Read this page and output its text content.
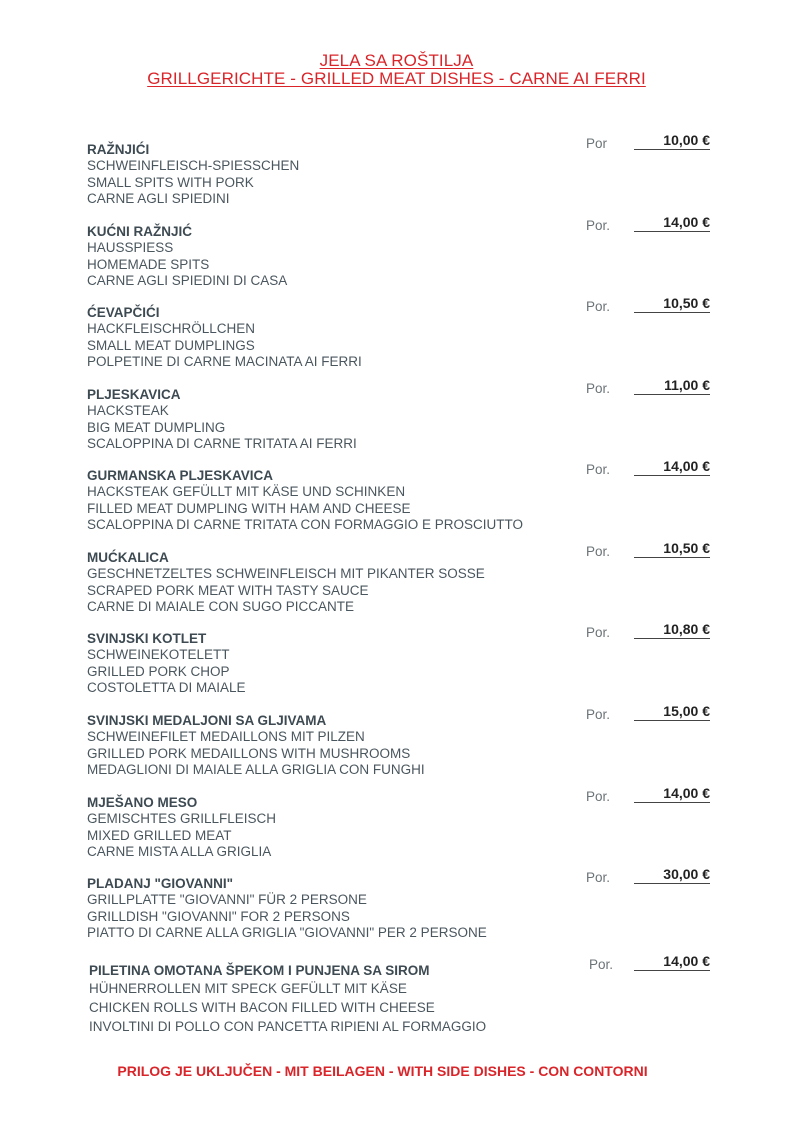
JELA SA ROŠTILJA
GRILLGERICHTE - GRILLED MEAT DISHES - CARNE AI FERRI
RAŽNJIĆI	Por	10,00 €
SCHWEINFLEISCH-SPIESSCHEN
SMALL SPITS WITH PORK
CARNE AGLI SPIEDINI
KUĆNI RAŽNJIĆ	Por.	14,00 €
HAUSSPIESS
HOMEMADE SPITS
CARNE AGLI SPIEDINI DI CASA
ĆEVAPČIĆI	Por.	10,50 €
HACKFLEISCHRÖLLCHEN
SMALL MEAT DUMPLINGS
POLPETINE DI CARNE MACINATA AI FERRI
PLJESKAVICA	Por.	11,00 €
HACKSTEAK
BIG MEAT DUMPLING
SCALOPPINA DI CARNE TRITATA AI FERRI
GURMANSKA PLJESKAVICA	Por.	14,00 €
HACKSTEAK GEFÜLLT MIT KÄSE UND SCHINKEN
FILLED MEAT DUMPLING WITH HAM AND CHEESE
SCALOPPINA DI CARNE TRITATA CON FORMAGGIO E PROSCIUTTO
MUĆKALICA	Por.	10,50 €
GESCHNETZELTES SCHWEINFLEISCH MIT PIKANTER SOSSE
SCRAPED PORK MEAT WITH TASTY SAUCE
CARNE DI MAIALE CON SUGO PICCANTE
SVINJSKI KOTLET	Por.	10,80 €
SCHWEINEKOTELETT
GRILLED PORK CHOP
COSTOLETTA DI MAIALE
SVINJSKI MEDALJONI SA GLJIVAMA	Por.	15,00 €
SCHWEINEFILET MEDAILLONS MIT PILZEN
GRILLED PORK MEDAILLONS WITH MUSHROOMS
MEDAGLIONI DI MAIALE ALLA GRIGLIA CON FUNGHI
MJEŠANO MESO	Por.	14,00 €
GEMISCHTES GRILLFLEISCH
MIXED GRILLED MEAT
CARNE MISTA ALLA GRIGLIA
PLADANJ "GIOVANNI"	Por.	30,00 €
GRILLPLATTE "GIOVANNI" FÜR 2 PERSONE
GRILLDISH "GIOVANNI" FOR 2 PERSONS
PIATTO DI CARNE ALLA GRIGLIA "GIOVANNI" PER 2 PERSONE
PILETINA OMOTANA ŠPEKOM I PUNJENA SA SIROM	Por.	14,00 €
HÜHNERROLLEN MIT SPECK GEFÜLLT MIT KÄSE
CHICKEN ROLLS WITH BACON FILLED WITH CHEESE
INVOLTINI DI POLLO CON PANCETTA RIPIENI AL FORMAGGIO
PRILOG JE UKLJUČEN - MIT BEILAGEN - WITH SIDE DISHES - CON CONTORNI
